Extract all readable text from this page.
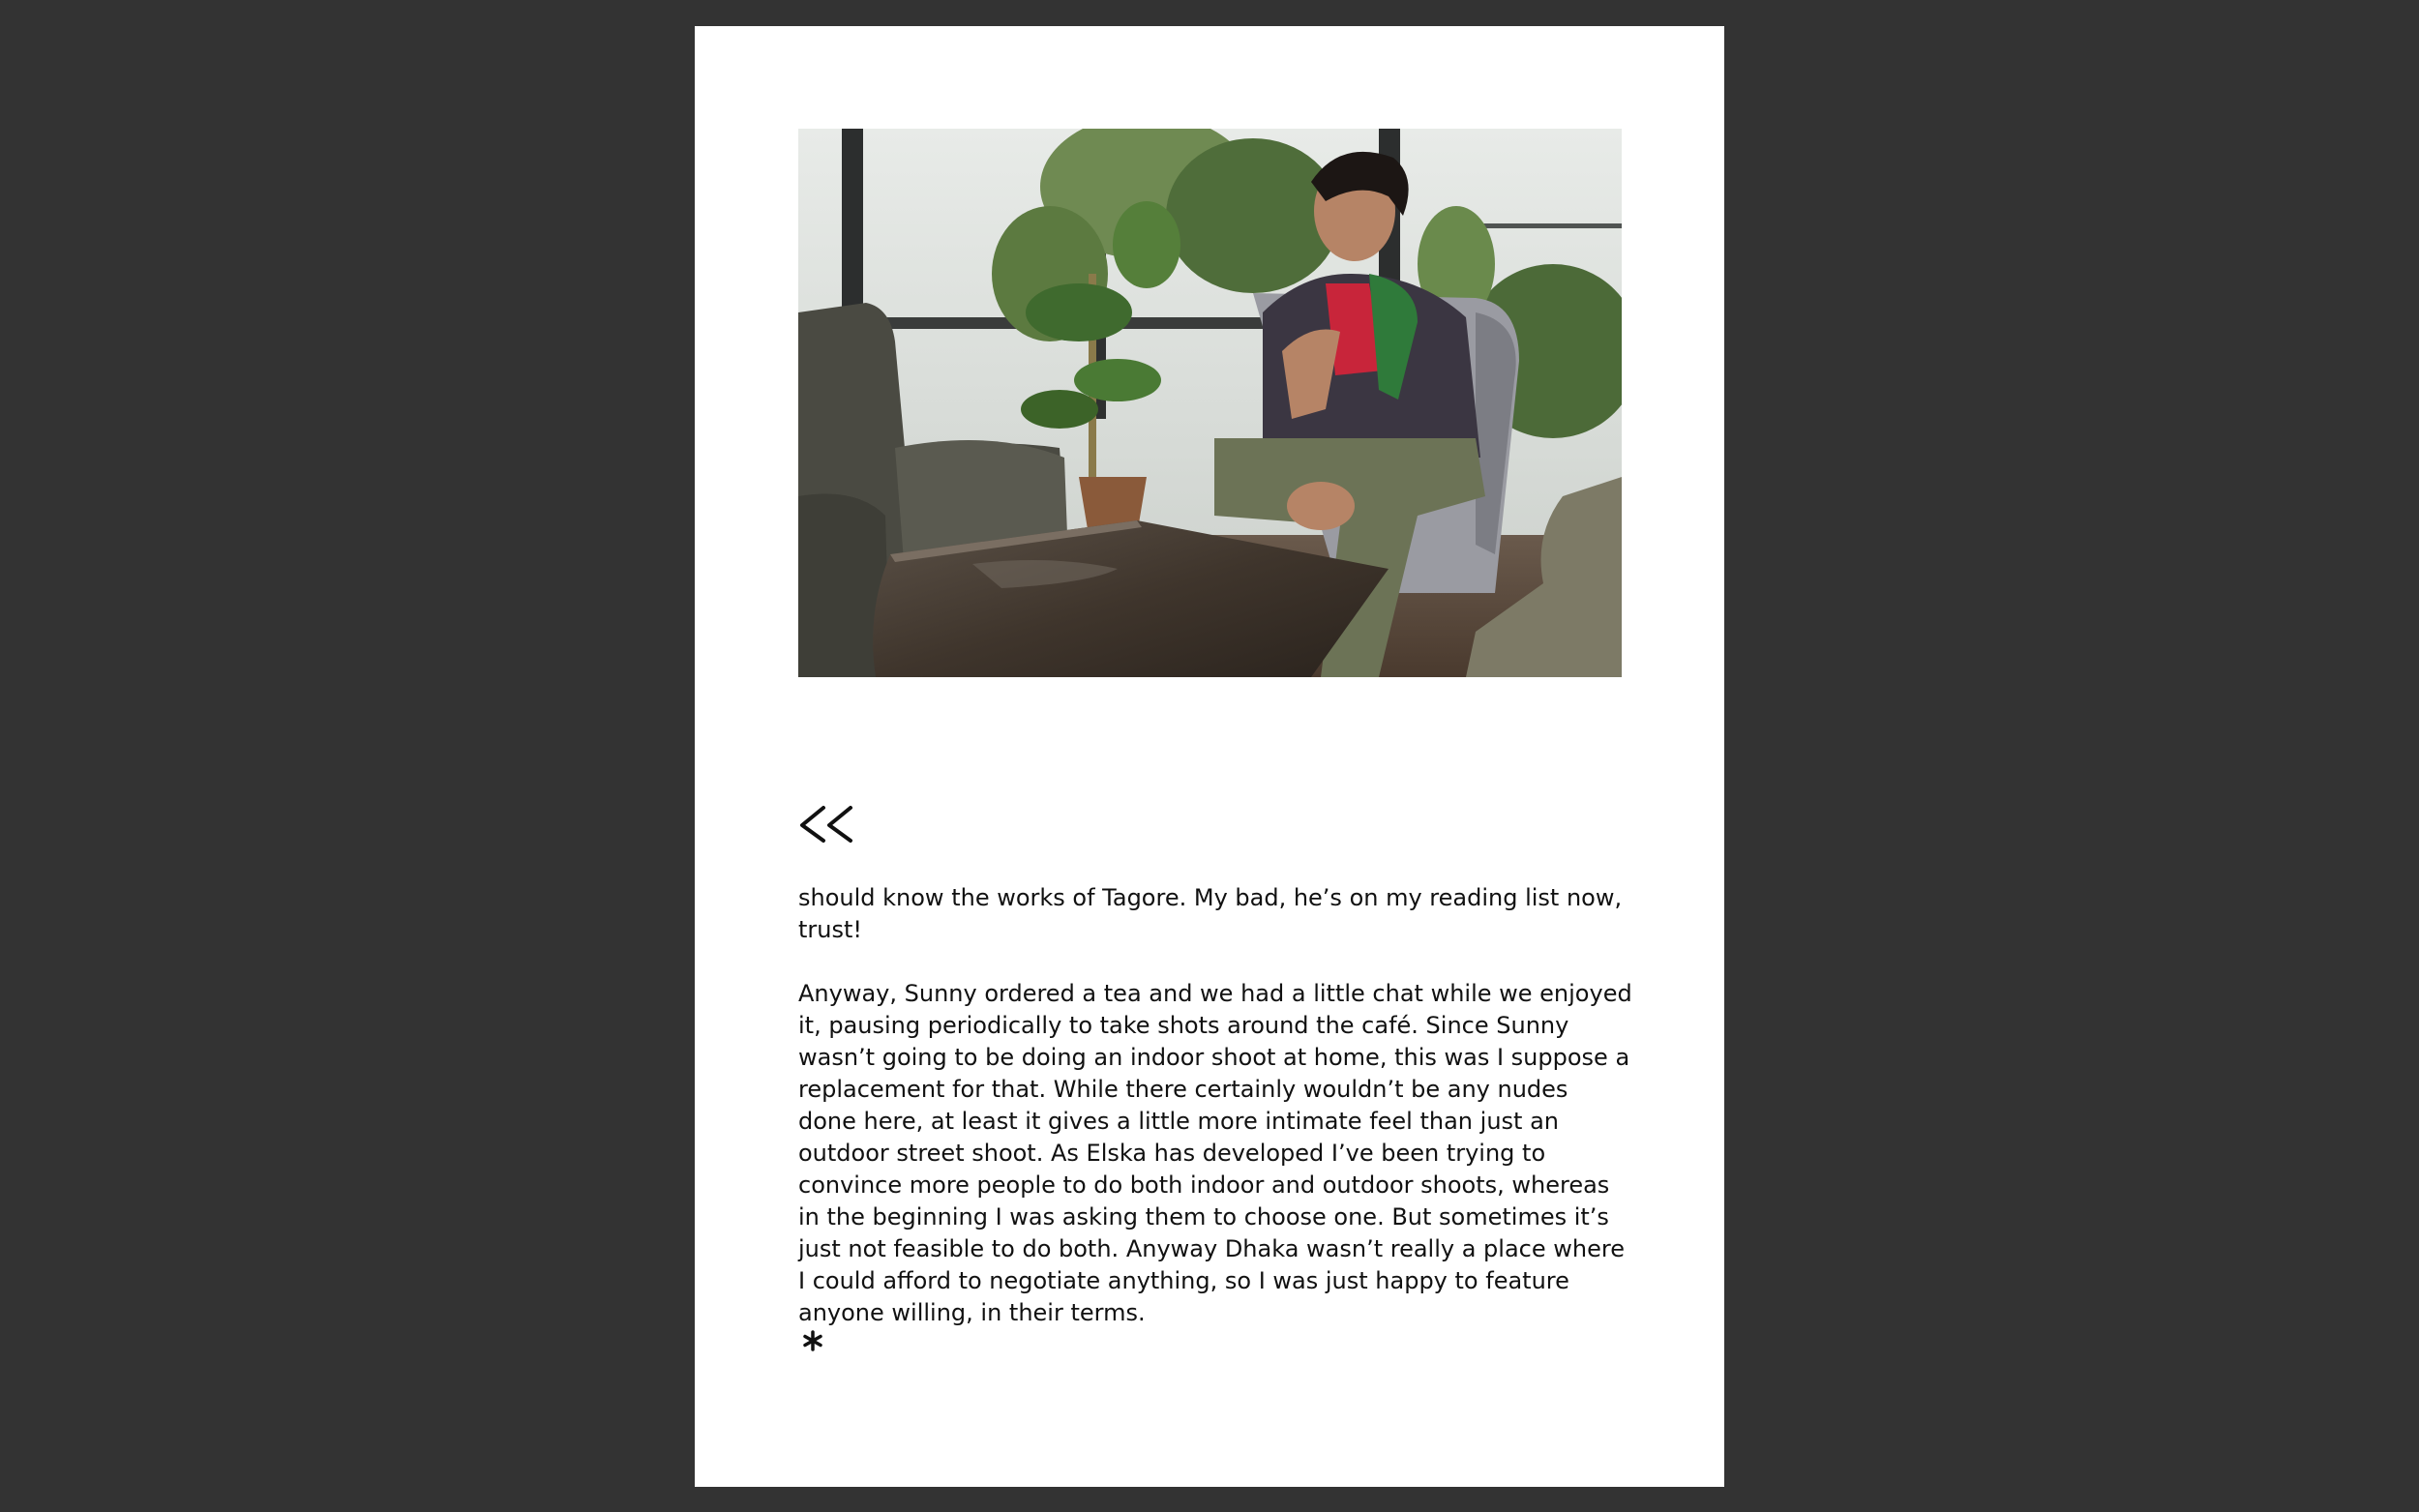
should know the works of Tagore. My bad, he’s on my reading list now, trust!

Anyway, Sunny ordered a tea and we had a little chat while we enjoyed it, pausing periodically to take shots around the café. Since Sunny wasn’t going to be doing an indoor shoot at home, this was I suppose a replacement for that. While there certainly wouldn’t be any nudes done here, at least it gives a little more intimate feel than just an outdoor street shoot. As Elska has developed I’ve been trying to convince more people to do both indoor and outdoor shoots, whereas in the beginning I was asking them to choose one. But sometimes it’s just not feasible to do both. Anyway Dhaka wasn’t really a place where I could afford to negotiate anything, so I was just happy to feature anyone willing, in their terms.
